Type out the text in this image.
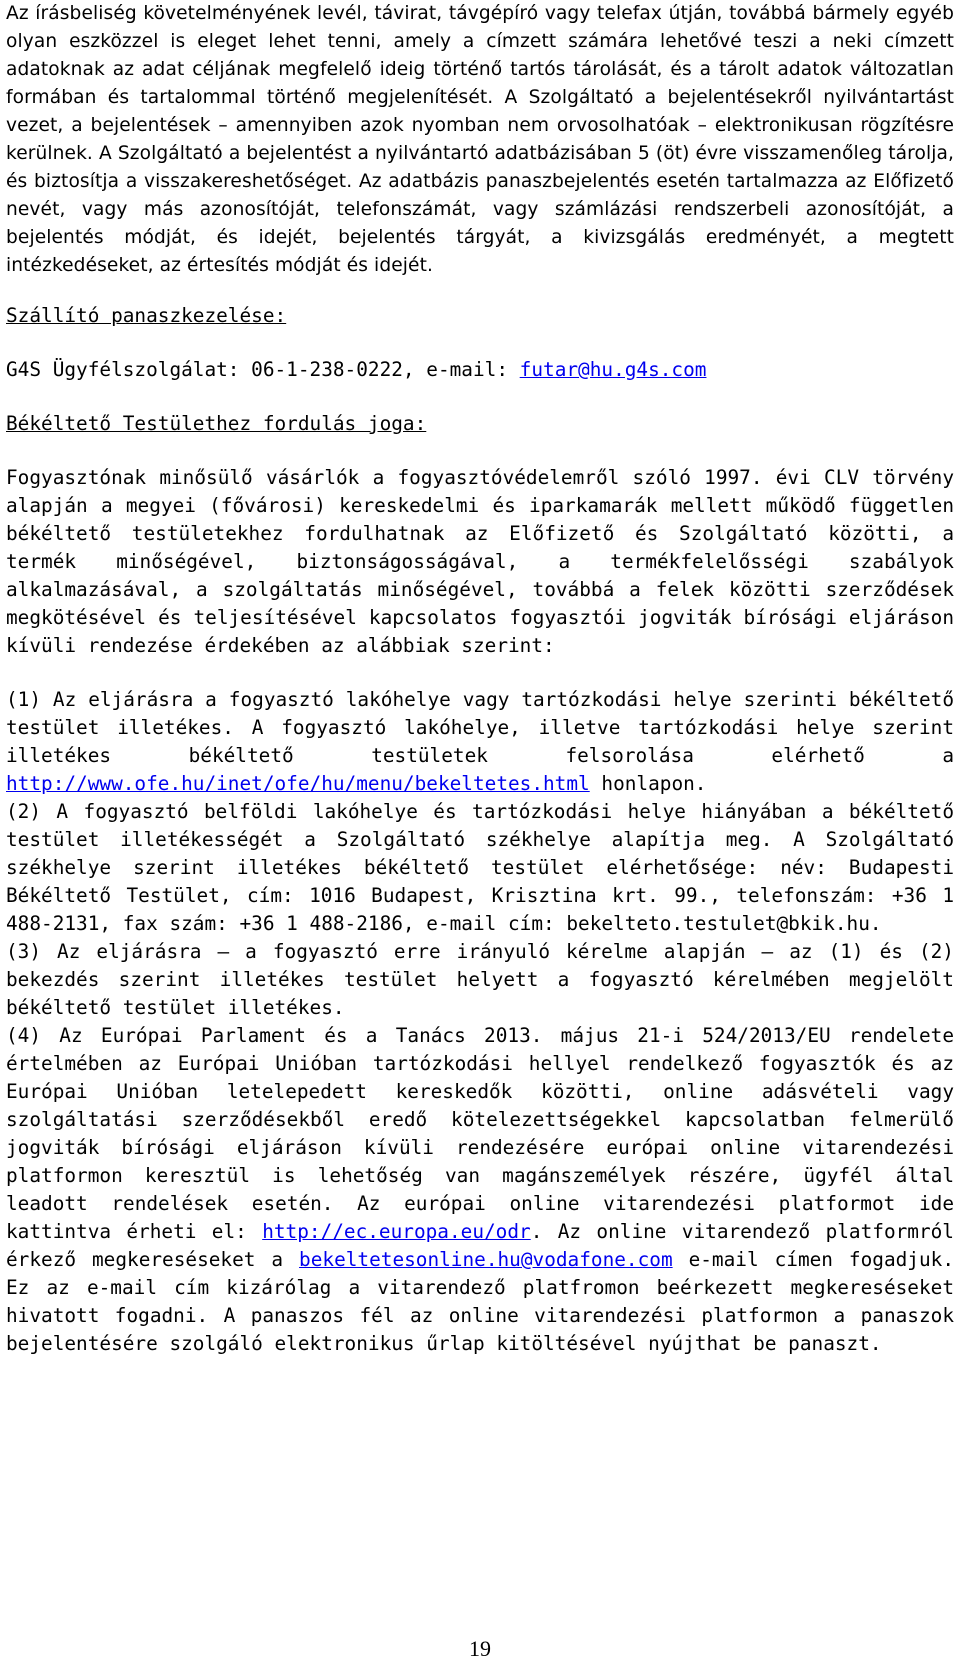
Az írásbeliség követelményének levél, távirat, távgépíró vagy telefax útján, továbbá bármely egyéb olyan eszközzel is eleget lehet tenni, amely a címzett számára lehetővé teszi a neki címzett adatoknak az adat céljának megfelelő ideig történő tartós tárolását, és a tárolt adatok változatlan formában és tartalommal történő megjelenítését. A Szolgáltató a bejelentésekről nyilvántartást vezet, a bejelentések – amennyiben azok nyomban nem orvosolhatóak – elektronikusan rögzítésre kerülnek. A Szolgáltató a bejelentést a nyilvántartó adatbázisában 5 (öt) évre visszamenőleg tárolja, és biztosítja a visszakereshetőséget. Az adatbázis panaszbejelentés esetén tartalmazza az Előfizető nevét, vagy más azonosítóját, telefonszámát, vagy számlázási rendszerbeli azonosítóját, a bejelentés módját, és idejét, bejelentés tárgyát, a kivizsgálás eredményét, a megtett intézkedéseket, az értesítés módját és idejét.

Szállító panaszkezelése:

G4S Ügyfélszolgálat: 06-1-238-0222, e-mail: futar@hu.g4s.com

Békéltető Testülethez fordulás joga:

Fogyasztónak minősülő vásárlók a fogyasztóvédelemről szóló 1997. évi CLV törvény alapján a megyei (fővárosi) kereskedelmi és iparkamarák mellett működő független békéltető testületekhez fordulhatnak az Előfizető és Szolgáltató közötti, a termék minőségével, biztonságosságával, a termékfelelősségi szabályok alkalmazásával, a szolgáltatás minőségével, továbbá a felek közötti szerződések megkötésével és teljesítésével kapcsolatos fogyasztói jogviták bírósági eljáráson kívüli rendezése érdekében az alábbiak szerint:

(1) Az eljárásra a fogyasztó lakóhelye vagy tartózkodási helye szerinti békéltető testület illetékes. A fogyasztó lakóhelye, illetve tartózkodási helye szerint illetékes békéltető testületek felsorolása elérhető a http://www.ofe.hu/inet/ofe/hu/menu/bekeltetes.html honlapon.

(2) A fogyasztó belföldi lakóhelye és tartózkodási helye hiányában a békéltető testület illetékességét a Szolgáltató székhelye alapítja meg. A Szolgáltató székhelye szerint illetékes békéltető testület elérhetősége: név: Budapesti Békéltető Testület, cím: 1016 Budapest, Krisztina krt. 99., telefonszám: +36 1 488-2131, fax szám: +36 1 488-2186, e-mail cím: bekelteto.testulet@bkik.hu.

(3) Az eljárásra – a fogyasztó erre irányuló kérelme alapján – az (1) és (2) bekezdés szerint illetékes testület helyett a fogyasztó kérelmében megjelölt békéltető testület illetékes.

(4) Az Európai Parlament és a Tanács 2013. május 21-i 524/2013/EU rendelete értelmében az Európai Unióban tartózkodási hellyel rendelkező fogyasztók és az Európai Unióban letelepedett kereskedők közötti, online adásvételi vagy szolgáltatási szerződésekből eredő kötelezettségekkel kapcsolatban felmerülő jogviták bírósági eljáráson kívüli rendezésére európai online vitarendezési platformon keresztül is lehetőség van magánszemélyek részére, ügyfél által leadott rendelések esetén. Az európai online vitarendezési platformot ide kattintva érheti el: http://ec.europa.eu/odr. Az online vitarendező platformról érkező megkereséseket a bekeltetesonline.hu@vodafone.com e-mail címen fogadjuk. Ez az e-mail cím kizárólag a vitarendező platfromon beérkezett megkereséseket hivatott fogadni. A panaszos fél az online vitarendezési platformon a panaszok bejelentésére szolgáló elektronikus űrlap kitöltésével nyújthat be panaszt.

19
